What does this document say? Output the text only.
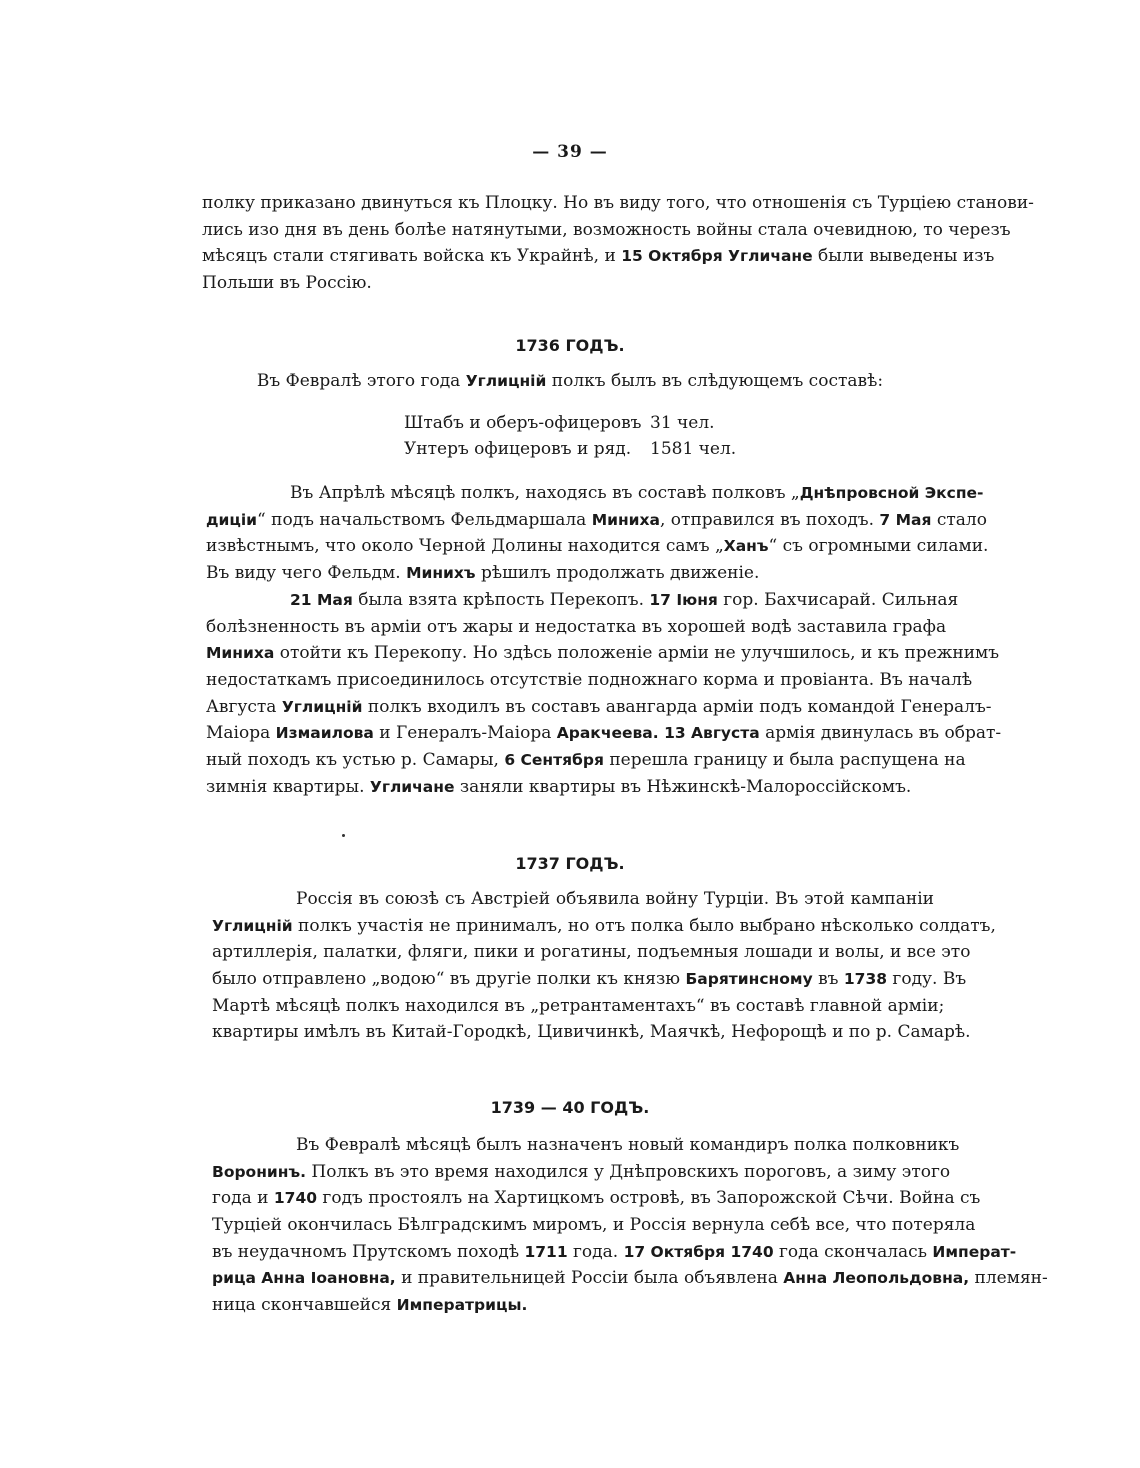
— 39 —
полку приказано двинуться къ Плоцку. Но въ виду того, что отношенія съ Турціею станови-
лись изо дня въ день болѣе натянутыми, возможность войны стала очевидною, то черезъ
мѣсяцъ стали стягивать войска къ Украйнѣ, и 15 Октября Угличане были выведены изъ
Польши въ Россію.
1736 ГОДЪ.
Въ Февралѣ этого года Углицній полкъ былъ въ слѣдующемъ составѣ:
Штабъ и оберъ-офицеровъ 31 чел.
Унтеръ офицеровъ и ряд.	1581 чел.
Въ Апрѣлѣ мѣсяцѣ полкъ, находясь въ составѣ полковъ „Днѣпровсной Экспе-
диціи“ подъ начальствомъ Фельдмаршала Миниха, отправился въ походъ. 7 Мая стало
извѣстнымъ, что около Черной Долины находится самъ „Ханъ“ съ огромными силами.
Въ виду чего Фельдм. Минихъ рѣшилъ продолжать движеніе.
21 Мая была взята крѣпость Перекопъ. 17 Іюня гор. Бахчисарай. Сильная
болѣзненность въ арміи отъ жары и недостатка въ хорошей водѣ заставила графа
Миниха отойти къ Перекопу. Но здѣсь положеніе арміи не улучшилось, и къ прежнимъ
недостаткамъ присоединилось отсутствіе подножнаго корма и провіанта. Въ началѣ
Августа Углицній полкъ входилъ въ составъ авангарда арміи подъ командой Генералъ-
Маіора Измаилова и Генералъ-Маіора Аракчеева. 13 Августа армія двинулась въ обрат-
ный походъ къ устью р. Самары, 6 Сентября перешла границу и была распущена на
зимнія квартиры. Угличане заняли квартиры въ Нѣжинскѣ-Малороссійскомъ.
1737 ГОДЪ.
Россія въ союзѣ съ Австріей объявила войну Турціи. Въ этой кампаніи
Углицній полкъ участія не принималъ, но отъ полка было выбрано нѣсколько солдатъ,
артиллерія, палатки, фляги, пики и рогатины, подъемныя лошади и волы, и все это
было отправлено „водою“ въ другіе полки къ князю Барятинсному въ 1738 году. Въ
Мартѣ мѣсяцѣ полкъ находился въ „ретрантаментахъ“ въ составѣ главной арміи;
квартиры имѣлъ въ Китай-Городкѣ, Цивичинкѣ, Маячкѣ, Нефорощѣ и по р. Самарѣ.
1739 — 40 ГОДЪ.
Въ Февралѣ мѣсяцѣ былъ назначенъ новый командиръ полка полковникъ
Воронинъ. Полкъ въ это время находился у Днѣпровскихъ пороговъ, а зиму этого
года и 1740 годъ простоялъ на Хартицкомъ островѣ, въ Запорожской Сѣчи. Война съ
Турціей окончилась Бѣлградскимъ миромъ, и Россія вернула себѣ все, что потеряла
въ неудачномъ Прутскомъ походѣ 1711 года. 17 Октября 1740 года скончалась Императ-
рица Анна Іоановна, и правительницей Россіи была объявлена Анна Леопольдовна, племян-
ница скончавшейся Императрицы.
